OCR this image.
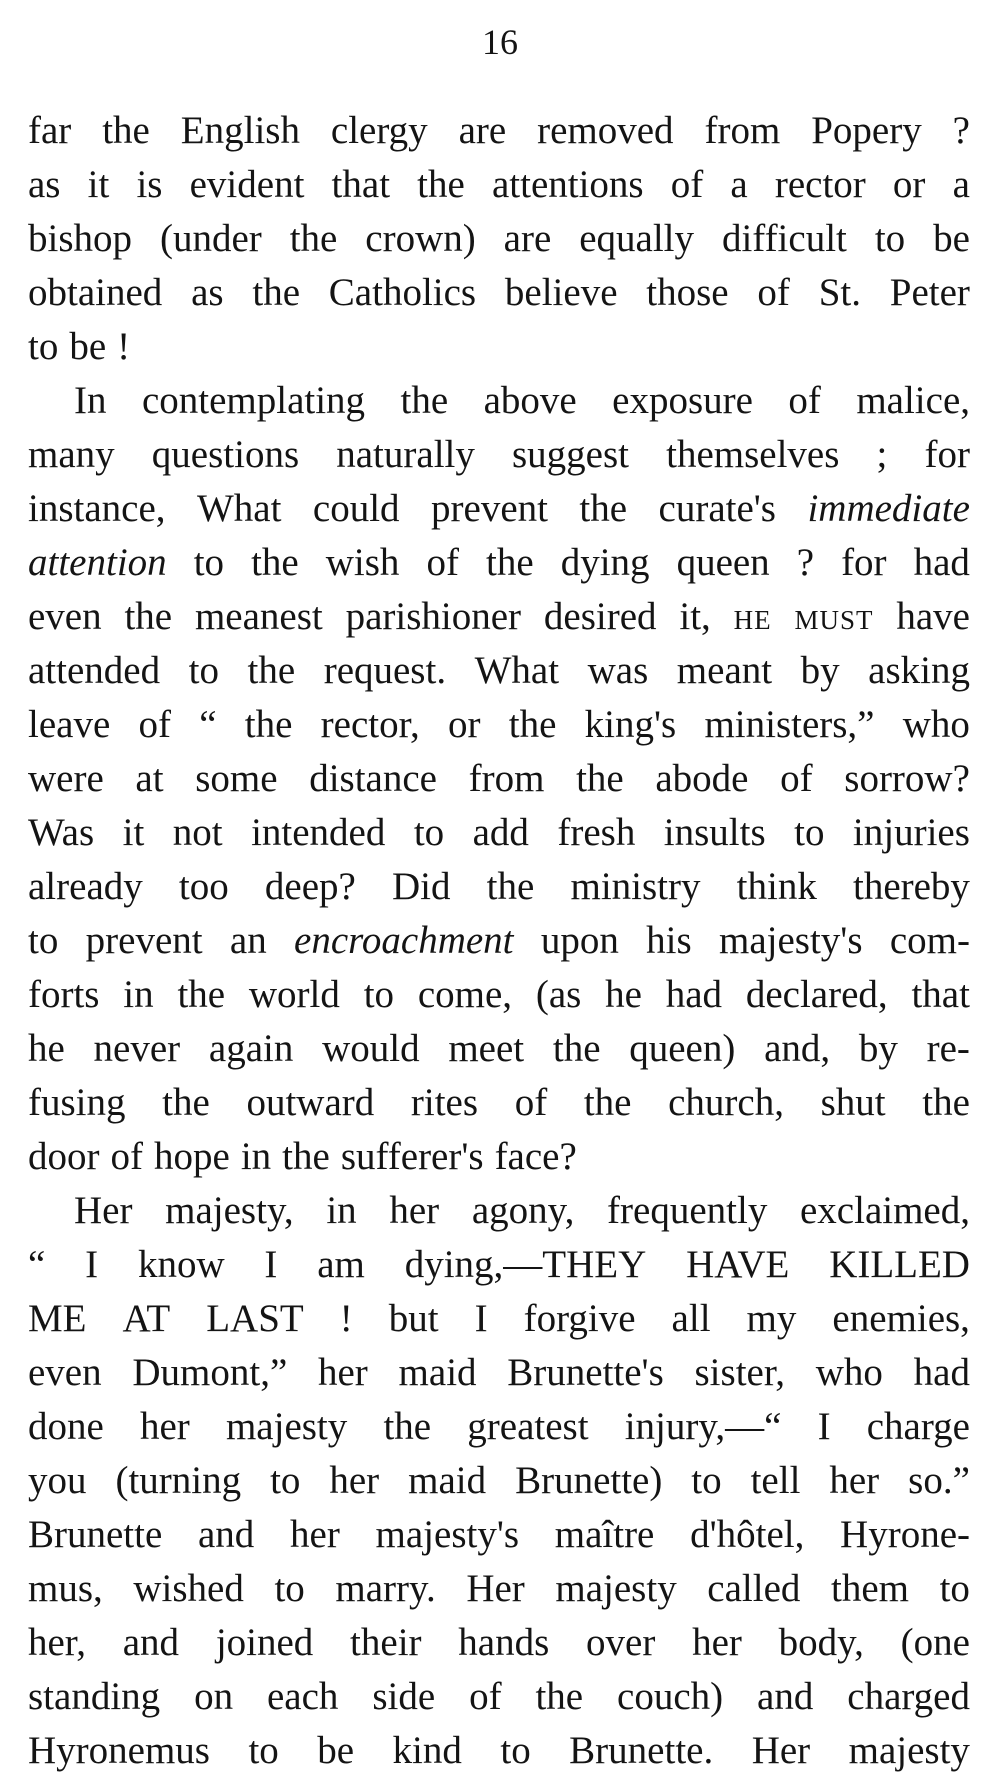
16
far the English clergy are removed from Popery ?
as it is evident that the attentions of a rector or a
bishop (under the crown) are equally difficult to be
obtained as the Catholics believe those of St. Peter
to be !
In contemplating the above exposure of malice,
many questions naturally suggest themselves ; for
instance, What could prevent the curate's immediate
attention to the wish of the dying queen ? for had
even the meanest parishioner desired it, he must have
attended to the request. What was meant by asking
leave of “ the rector, or the king's ministers,” who
were at some distance from the abode of sorrow?
Was it not intended to add fresh insults to injuries
already too deep? Did the ministry think thereby
to prevent an encroachment upon his majesty's com-
forts in the world to come, (as he had declared, that
he never again would meet the queen) and, by re-
fusing the outward rites of the church, shut the
door of hope in the sufferer's face?
Her majesty, in her agony, frequently exclaimed,
“ I know I am dying,—THEY HAVE KILLED
ME AT LAST ! but I forgive all my enemies,
even Dumont,” her maid Brunette's sister, who had
done her majesty the greatest injury,—“ I charge
you (turning to her maid Brunette) to tell her so.”
Brunette and her majesty's maître d'hôtel, Hyrone-
mus, wished to marry. Her majesty called them to
her, and joined their hands over her body, (one
standing on each side of the couch) and charged
Hyronemus to be kind to Brunette. Her majesty
